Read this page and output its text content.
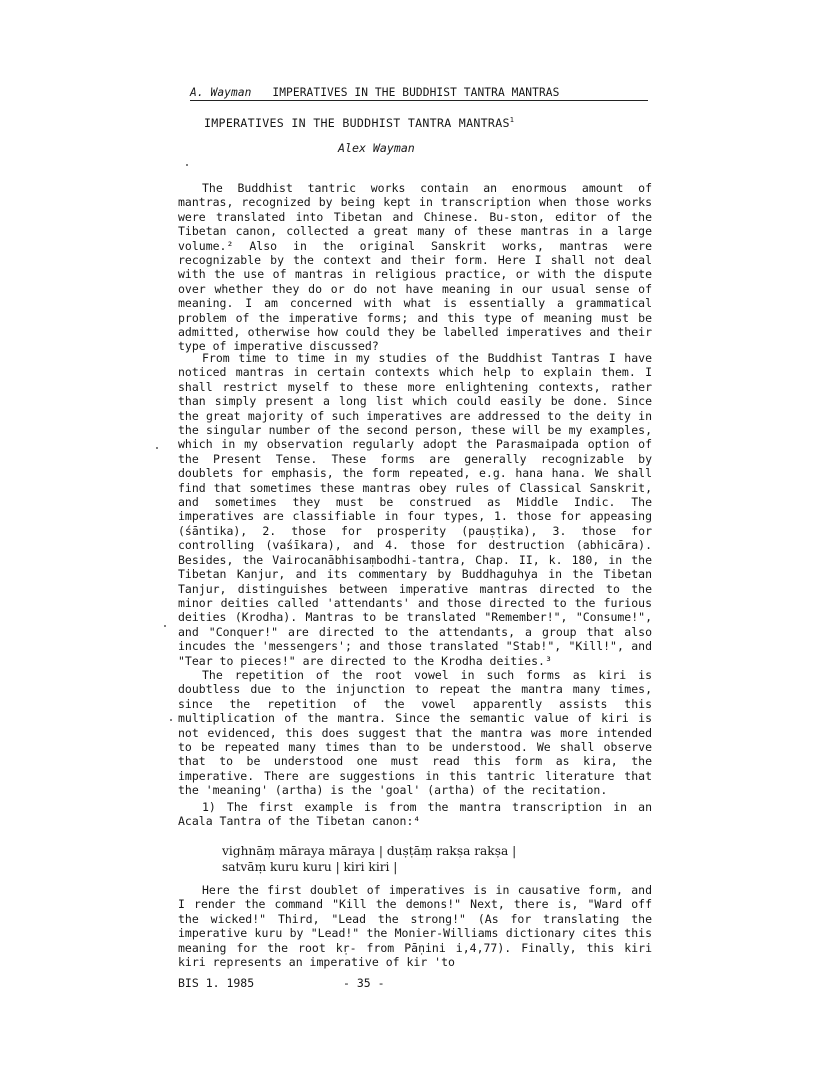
A. Wayman IMPERATIVES IN THE BUDDHIST TANTRA MANTRAS
IMPERATIVES IN THE BUDDHIST TANTRA MANTRAS$^1$
Alex Wayman
The Buddhist tantric works contain an enormous amount of mantras, recognized by being kept in transcription when those works were translated into Tibetan and Chinese. Bu-ston, editor of the Tibetan canon, collected a great many of these mantras in a large volume.² Also in the original Sanskrit works, mantras were recognizable by the context and their form. Here I shall not deal with the use of mantras in religious practice, or with the dispute over whether they do or do not have meaning in our usual sense of meaning. I am concerned with what is essentially a grammatical problem of the imperative forms; and this type of meaning must be admitted, otherwise how could they be labelled imperatives and their type of imperative discussed?
From time to time in my studies of the Buddhist Tantras I have noticed mantras in certain contexts which help to explain them. I shall restrict myself to these more enlightening contexts, rather than simply present a long list which could easily be done. Since the great majority of such imperatives are addressed to the deity in the singular number of the second person, these will be my examples, which in my observation regularly adopt the Parasmaipada option of the Present Tense. These forms are generally recognizable by doublets for emphasis, the form repeated, e.g. hana hana. We shall find that sometimes these mantras obey rules of Classical Sanskrit, and sometimes they must be construed as Middle Indic. The imperatives are classifiable in four types, 1. those for appeasing (śāntika), 2. those for prosperity (pauṣṭika), 3. those for controlling (vaśīkara), and 4. those for destruction (abhicāra). Besides, the Vairocanābhisaṃbodhi-tantra, Chap. II, k. 180, in the Tibetan Kanjur, and its commentary by Buddhaguhya in the Tibetan Tanjur, distinguishes between imperative mantras directed to the minor deities called 'attendants' and those directed to the furious deities (Krodha). Mantras to be translated "Remember!", "Consume!", and "Conquer!" are directed to the attendants, a group that also incudes the 'messengers'; and those translated "Stab!", "Kill!", and "Tear to pieces!" are directed to the Krodha deities.³
The repetition of the root vowel in such forms as kiri is doubtless due to the injunction to repeat the mantra many times, since the repetition of the vowel apparently assists this multiplication of the mantra. Since the semantic value of kiri is not evidenced, this does suggest that the mantra was more intended to be repeated many times than to be understood. We shall observe that to be understood one must read this form as kira, the imperative. There are suggestions in this tantric literature that the 'meaning' (artha) is the 'goal' (artha) of the recitation.
1) The first example is from the mantra transcription in an Acala Tantra of the Tibetan canon:⁴
vighnāṃ māraya māraya | duṣṭāṃ rakṣa rakṣa |
satvāṃ kuru kuru | kiri kiri |
Here the first doublet of imperatives is in causative form, and I render the command "Kill the demons!" Next, there is, "Ward off the wicked!" Third, "Lead the strong!" (As for translating the imperative kuru by "Lead!" the Monier-Williams dictionary cites this meaning for the root kṛ- from Pāṇini i,4,77). Finally, this kiri kiri represents an imperative of kir 'to
BIS 1. 1985	- 35 -
